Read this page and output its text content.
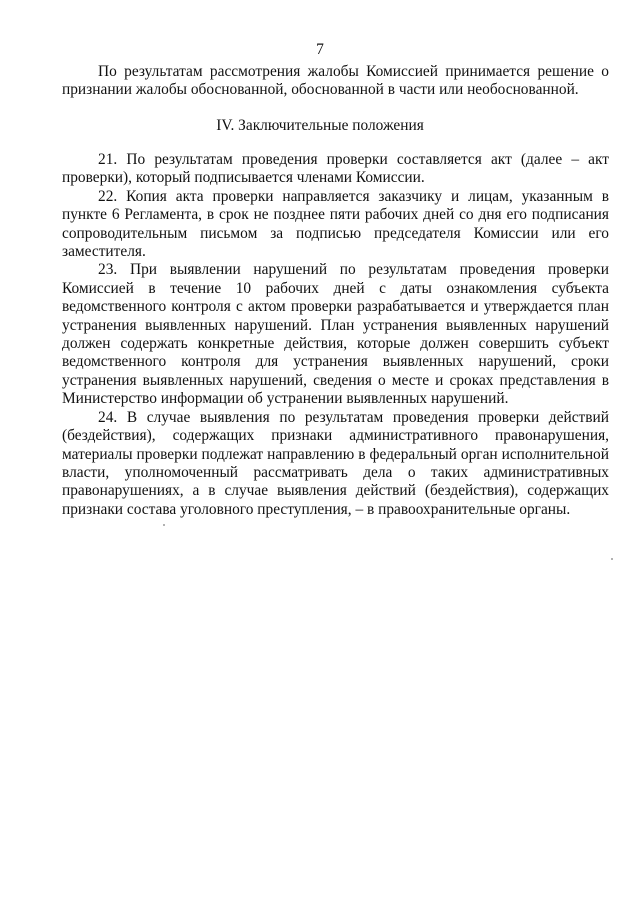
7

По результатам рассмотрения жалобы Комиссией принимается решение о признании жалобы обоснованной, обоснованной в части или необоснованной.

IV. Заключительные положения

21. По результатам проведения проверки составляется акт (далее – акт проверки), который подписывается членами Комиссии.

22. Копия акта проверки направляется заказчику и лицам, указанным в пункте 6 Регламента, в срок не позднее пяти рабочих дней со дня его подписания сопроводительным письмом за подписью председателя Комиссии или его заместителя.

23. При выявлении нарушений по результатам проведения проверки Комиссией в течение 10 рабочих дней с даты ознакомления субъекта ведомственного контроля с актом проверки разрабатывается и утверждается план устранения выявленных нарушений. План устранения выявленных нарушений должен содержать конкретные действия, которые должен совершить субъект ведомственного контроля для устранения выявленных нарушений, сроки устранения выявленных нарушений, сведения о месте и сроках представления в Министерство информации об устранении выявленных нарушений.

24. В случае выявления по результатам проведения проверки действий (бездействия), содержащих признаки административного правонарушения, материалы проверки подлежат направлению в федеральный орган исполнительной власти, уполномоченный рассматривать дела о таких административных правонарушениях, а в случае выявления действий (бездействия), содержащих признаки состава уголовного преступления, – в правоохранительные органы.
